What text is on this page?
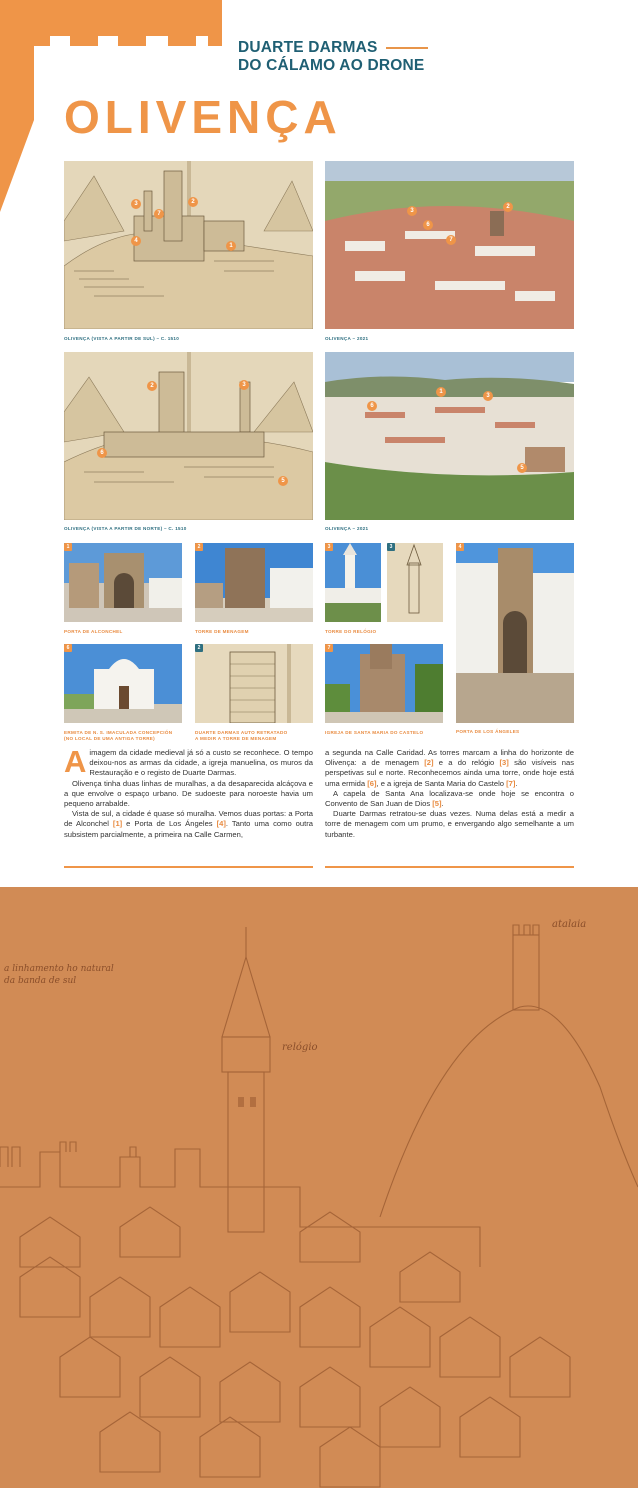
DUARTE DARMAS
DO CÁLAMO AO DRONE
OLIVENÇA
3
7
2
4
1
OLIVENÇA (VISTA A PARTIR DE SUL) – C. 1510
3
6
7
2
OLIVENÇA – 2021
2	3
6
5
OLIVENÇA (VISTA A PARTIR DE NORTE) – C. 1510
6
1
3
5
OLIVENÇA – 2021
1
PORTA DE ALCONCHEL
2
TORRE DE MENAGEM
3	3
TORRE DO RELÓGIO
4
PORTA DE LOS ÁNGELES
6
ERMITA DE N. S. IMACULADA CONCEPCIÓN
(NO LOCAL DE UMA ANTIGA TORRE)
2
DUARTE DARMAS AUTO RETRATADO
A MEDIR A TORRE DE MENAGEM
7
IGREJA DE SANTA MARIA DO CASTELO

A imagem da cidade medieval já só a custo se reconhece. O tempo deixou-nos as armas da cidade, a igreja manuelina, os muros da Restauração e o registo de Duarte Darmas.

Olivença tinha duas linhas de muralhas, a da desaparecida alcáçova e a que envolve o espaço urbano. De sudoeste para noroeste havia um pequeno arrabalde.

Vista de sul, a cidade é quase só muralha. Vemos duas portas: a Porta de Alconchel [1] e Porta de Los Ángeles [4]. Tanto uma como outra subsistem parcialmente, a primeira na Calle Carmen,

a segunda na Calle Caridad. As torres marcam a linha do horizonte de Olivença: a de menagem [2] e a do relógio [3] são visíveis nas perspetivas sul e norte. Reconhecemos ainda uma torre, onde hoje está uma ermida [6], e a igreja de Santa Maria do Castelo [7].

A capela de Santa Ana localizava-se onde hoje se encontra o Convento de San Juan de Dios [5].

Duarte Darmas retratou-se duas vezes. Numa delas está a medir a torre de menagem com um prumo, e envergando algo semelhante a um turbante.

relógio
atalaia
a linhamento ho natural
da banda de sul
